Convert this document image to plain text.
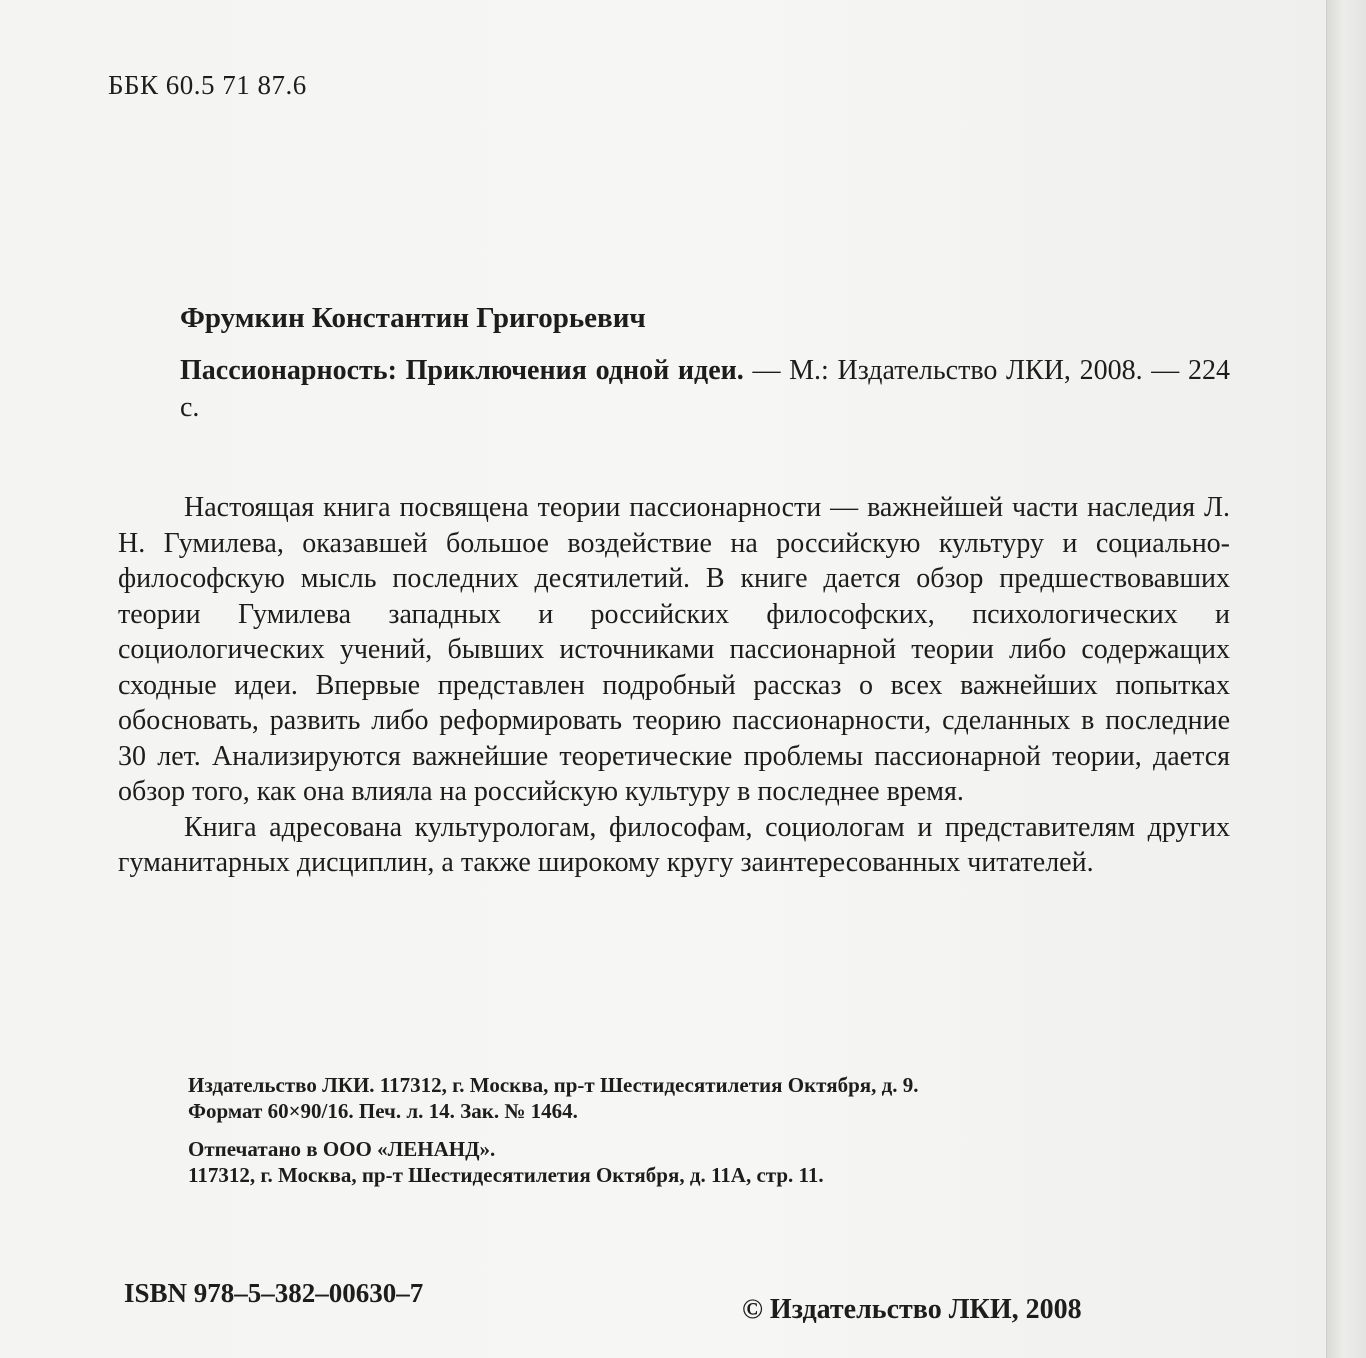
ББК 60.5 71 87.6
Фрумкин Константин Григорьевич
Пассионарность: Приключения одной идеи. — М.: Издательство ЛКИ, 2008. — 224 с.

Настоящая книга посвящена теории пассионарности — важнейшей части наследия Л. Н. Гумилева, оказавшей большое воздействие на российскую культуру и социально-философскую мысль последних десятилетий. В книге дается обзор предшествовавших теории Гумилева западных и российских философских, психологических и социологических учений, бывших источниками пассионарной теории либо содержащих сходные идеи. Впервые представлен подробный рассказ о всех важнейших попытках обосновать, развить либо реформировать теорию пассионарности, сделанных в последние 30 лет. Анализируются важнейшие теоретические проблемы пассионарной теории, дается обзор того, как она влияла на российскую культуру в последнее время.

Книга адресована культурологам, философам, социологам и представителям других гуманитарных дисциплин, а также широкому кругу заинтересованных читателей.

Издательство ЛКИ. 117312, г. Москва, пр-т Шестидесятилетия Октября, д. 9.
Формат 60×90/16. Печ. л. 14. Зак. № 1464.
Отпечатано в ООО «ЛЕНАНД».
117312, г. Москва, пр-т Шестидесятилетия Октября, д. 11А, стр. 11.
ISBN 978–5–382–00630–7
© Издательство ЛКИ, 2008
